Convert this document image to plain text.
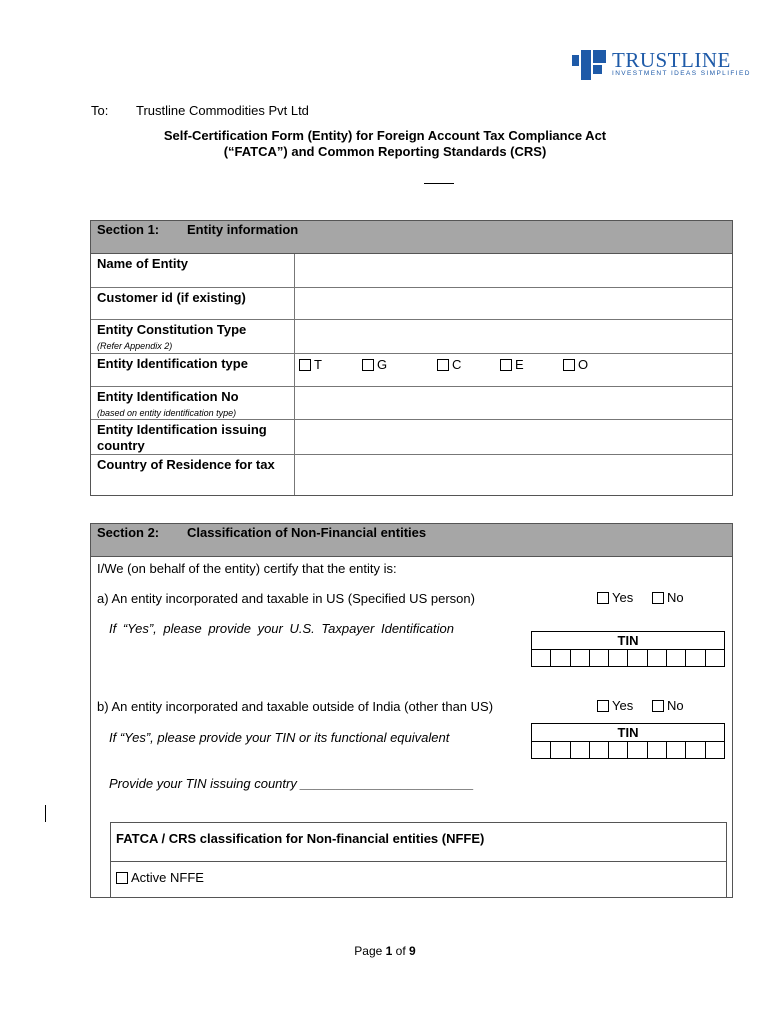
TRUSTLINE
INVESTMENT IDEAS SIMPLIFIED
To: Trustline Commodities Pvt Ltd
Self-Certification Form (Entity) for Foreign Account Tax Compliance Act
(“FATCA”) and Common Reporting Standards (CRS)
Section 1: Entity information
Name of Entity
Customer id (if existing)
Entity Constitution Type
(Refer Appendix 2)
Entity Identification type	T	G	C	E	O
Entity Identification No
(based on entity identification type)
Entity Identification issuing country
Country of Residence for tax
Section 2: Classification of Non-Financial entities
I/We (on behalf of the entity) certify that the entity is:
a) An entity incorporated and taxable in US (Specified US person)	Yes	No
If “Yes”, please provide your U.S. Taxpayer Identification
TIN
b) An entity incorporated and taxable outside of India (other than US)	Yes	No
If “Yes”, please provide your TIN or its functional equivalent	TIN
Provide your TIN issuing country ________________________
FATCA / CRS classification for Non-financial entities (NFFE)
Active NFFE
Page 1 of 9
